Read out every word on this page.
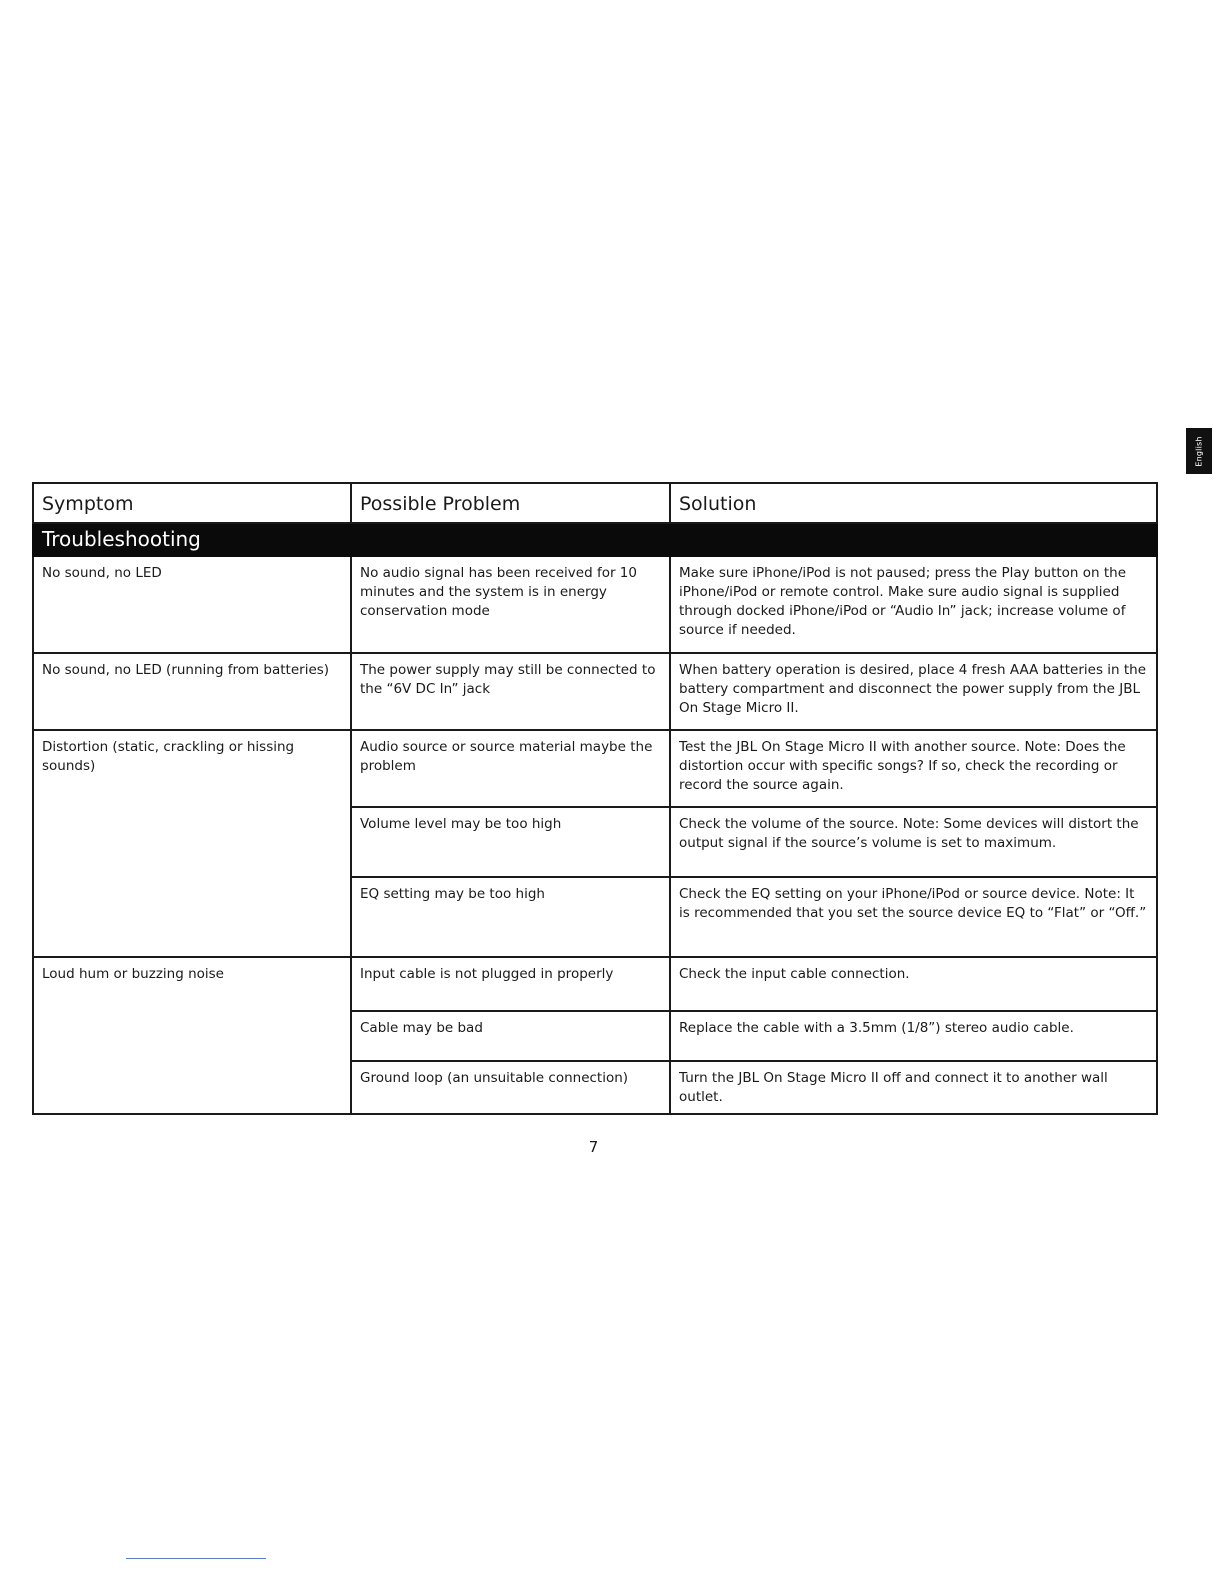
English
Symptom	Possible Problem	Solution
Troubleshooting		
No sound, no LED	No audio signal has been received for 10 minutes and the system is in energy conservation mode	Make sure iPhone/iPod is not paused; press the Play button on the iPhone/iPod or remote control. Make sure audio signal is supplied through docked iPhone/iPod or “Audio In” jack; increase volume of source if needed.
No sound, no LED (running from batteries)	The power supply may still be connected to the “6V DC In” jack	When battery operation is desired, place 4 fresh AAA batteries in the battery compartment and disconnect the power supply from the JBL On Stage Micro II.
Distortion (static, crackling or hissing sounds)	Audio source or source material maybe the problem	Test the JBL On Stage Micro II with another source. Note: Does the distortion occur with specific songs? If so, check the recording or record the source again.
	Volume level may be too high	Check the volume of the source. Note: Some devices will distort the output signal if the source’s volume is set to maximum.
	EQ setting may be too high	Check the EQ setting on your iPhone/iPod or source device. Note: It is recommended that you set the source device EQ to “Flat” or “Off.”
Loud hum or buzzing noise	Input cable is not plugged in properly	Check the input cable connection.
	Cable may be bad	Replace the cable with a 3.5mm (1/8”) stereo audio cable.
	Ground loop (an unsuitable connection)	Turn the JBL On Stage Micro II off and connect it to another wall outlet.
7
